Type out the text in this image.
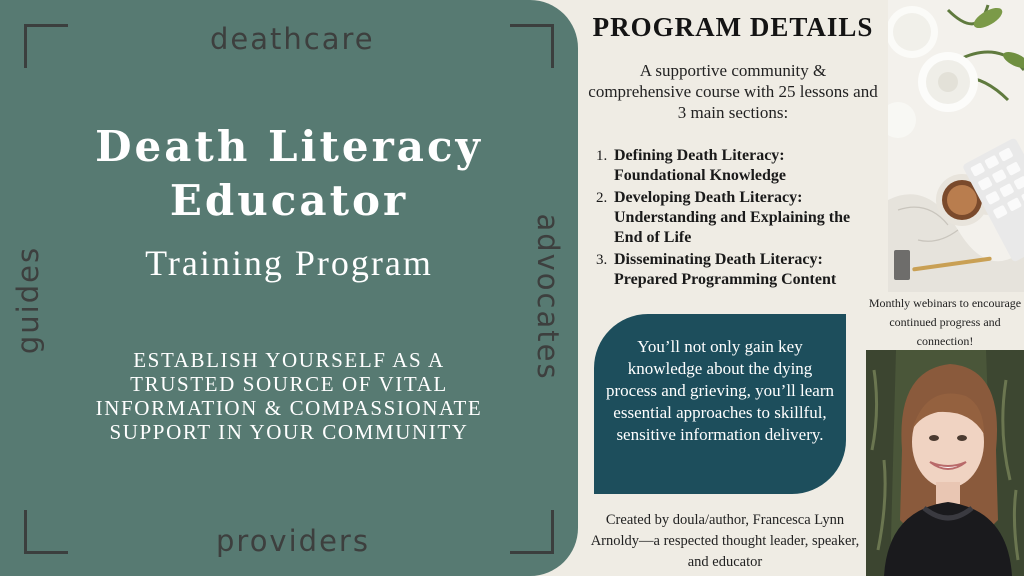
deathcare
providers
guides	advocates
Death Literacy
Educator
Training Program
ESTABLISH YOURSELF AS A TRUSTED SOURCE OF VITAL INFORMATION & COMPASSIONATE SUPPORT IN YOUR COMMUNITY
PROGRAM DETAILS
A supportive community & comprehensive course with 25 lessons and 3 main sections:
1. Defining Death Literacy: Foundational Knowledge
2. Developing Death Literacy: Understanding and Explaining the End of Life
3. Disseminating Death Literacy: Prepared Programming Content
You’ll not only gain key knowledge about the dying process and grieving, you’ll learn essential approaches to skillful, sensitive information delivery.
Created by doula/author, Francesca Lynn Arnoldy—a respected thought leader, speaker, and educator
Monthly webinars to encourage continued progress and connection!
